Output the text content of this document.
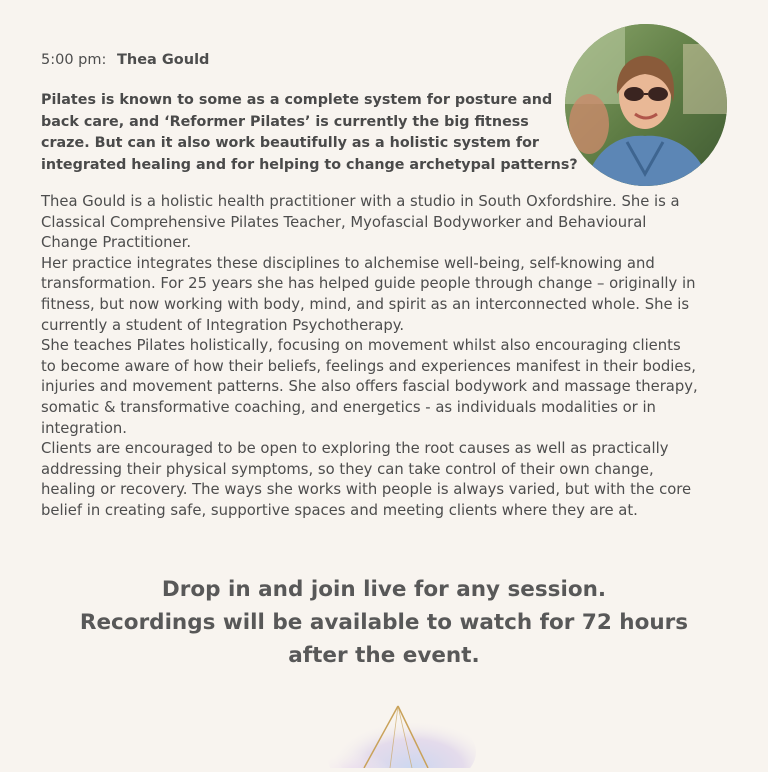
5:00 pm: Thea Gould
Pilates is known to some as a complete system for posture and
back care, and ‘Reformer Pilates’ is currently the big fitness
craze. But can it also work beautifully as a holistic system for
integrated healing and for helping to change archetypal patterns?
Thea Gould is a holistic health practitioner with a studio in South Oxfordshire. She is a
Classical Comprehensive Pilates Teacher, Myofascial Bodyworker and Behavioural
Change Practitioner.
Her practice integrates these disciplines to alchemise well-being, self-knowing and
transformation. For 25 years she has helped guide people through change – originally in
fitness, but now working with body, mind, and spirit as an interconnected whole. She is
currently a student of Integration Psychotherapy.
She teaches Pilates holistically, focusing on movement whilst also encouraging clients
to become aware of how their beliefs, feelings and experiences manifest in their bodies,
injuries and movement patterns. She also offers fascial bodywork and massage therapy,
somatic & transformative coaching, and energetics - as individuals modalities or in
integration.
Clients are encouraged to be open to exploring the root causes as well as practically
addressing their physical symptoms, so they can take control of their own change,
healing or recovery. The ways she works with people is always varied, but with the core
belief in creating safe, supportive spaces and meeting clients where they are at.
Drop in and join live for any session.
Recordings will be available to watch for 72 hours
after the event.
